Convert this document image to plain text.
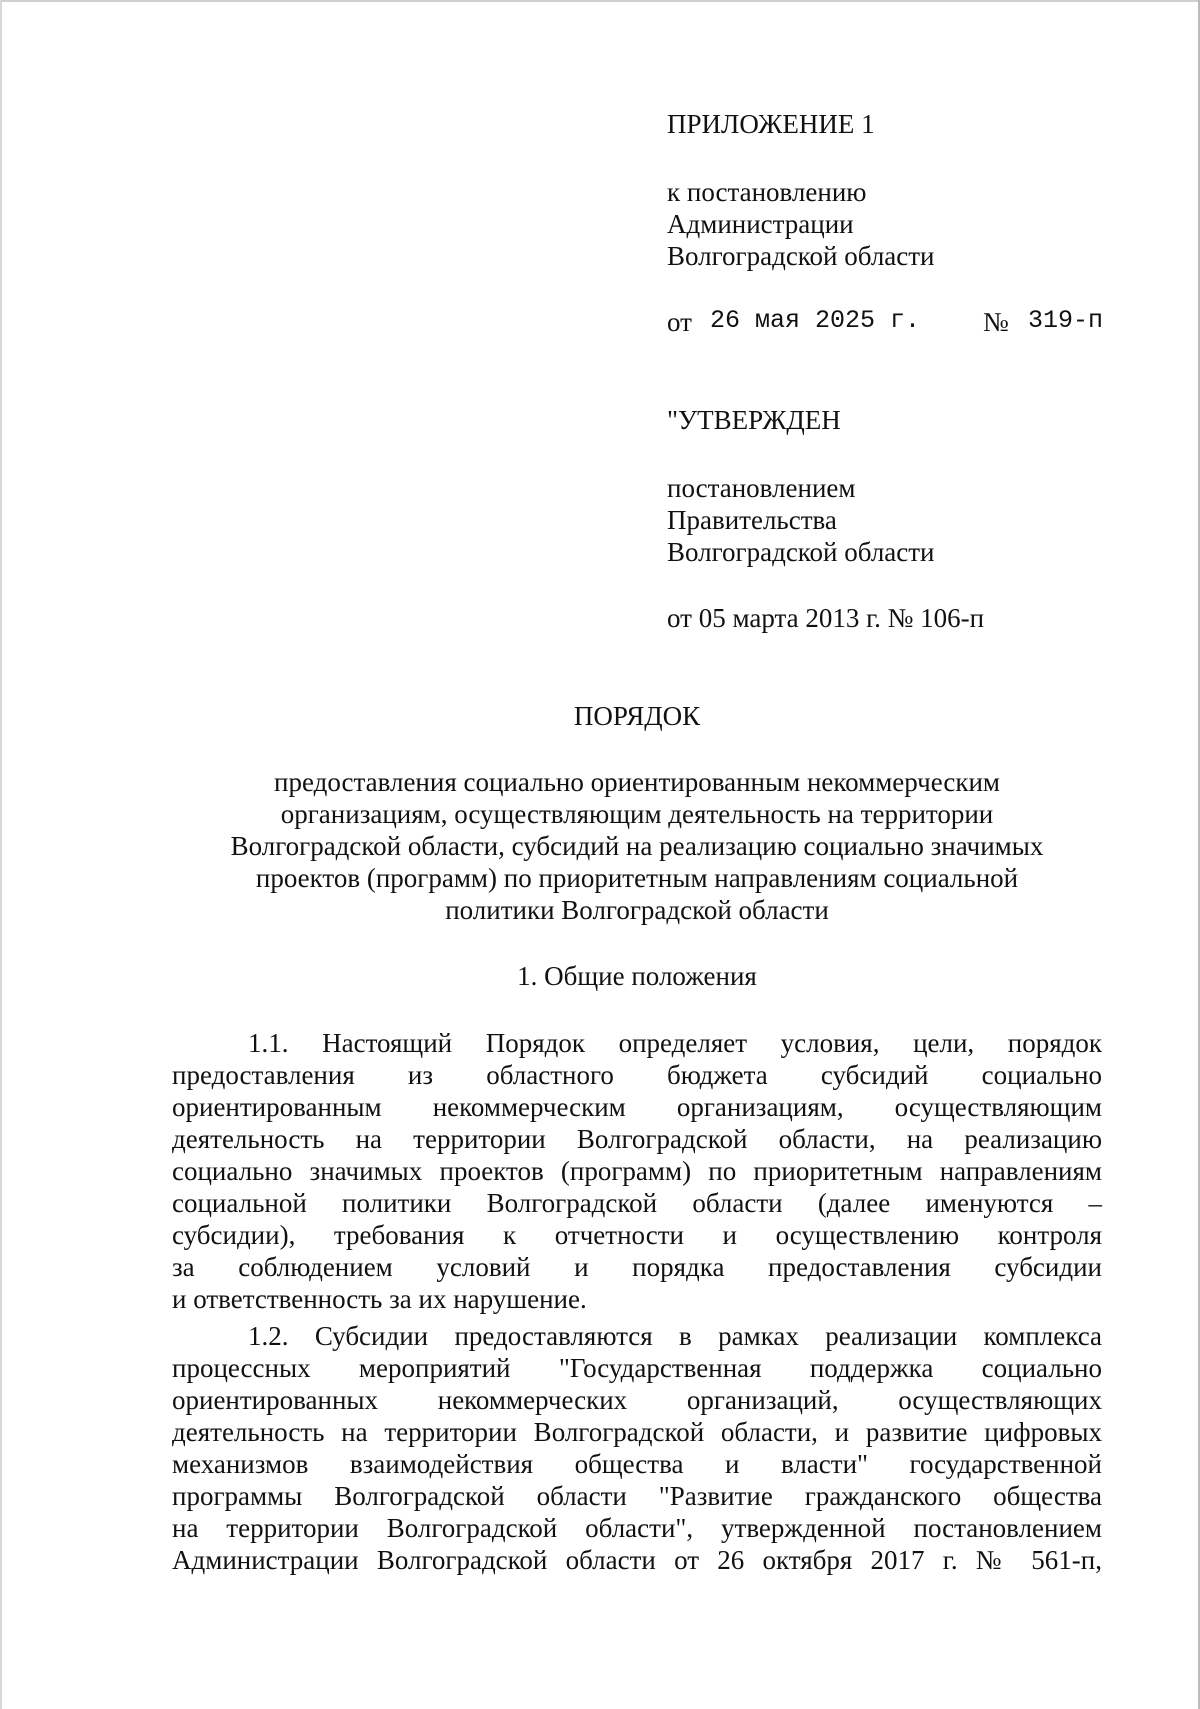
ПРИЛОЖЕНИЕ 1

к постановлению

Администрации

Волгоградской области

от 26 мая 2025 г. № 319-п

"УТВЕРЖДЕН

постановлением

Правительства

Волгоградской области

от 05 марта 2013 г. № 106-п

ПОРЯДОК

предоставления социально ориентированным некоммерческим

организациям, осуществляющим деятельность на территории

Волгоградской области, субсидий на реализацию социально значимых

проектов (программ) по приоритетным направлениям социальной

политики Волгоградской области

1. Общие положения

1.1. Настоящий Порядок определяет условия, цели, порядок

предоставления из областного бюджета субсидий социально

ориентированным некоммерческим организациям, осуществляющим

деятельность на территории Волгоградской области, на реализацию

социально значимых проектов (программ) по приоритетным направлениям

социальной политики Волгоградской области (далее именуются –

субсидии), требования к отчетности и осуществлению контроля

за соблюдением условий и порядка предоставления субсидии

и ответственность за их нарушение.

1.2. Субсидии предоставляются в рамках реализации комплекса

процессных мероприятий "Государственная поддержка социально

ориентированных некоммерческих организаций, осуществляющих

деятельность на территории Волгоградской области, и развитие цифровых

механизмов взаимодействия общества и власти" государственной

программы Волгоградской области "Развитие гражданского общества

на территории Волгоградской области", утвержденной постановлением

Администрации Волгоградской области от 26 октября 2017 г. № 561-п,
